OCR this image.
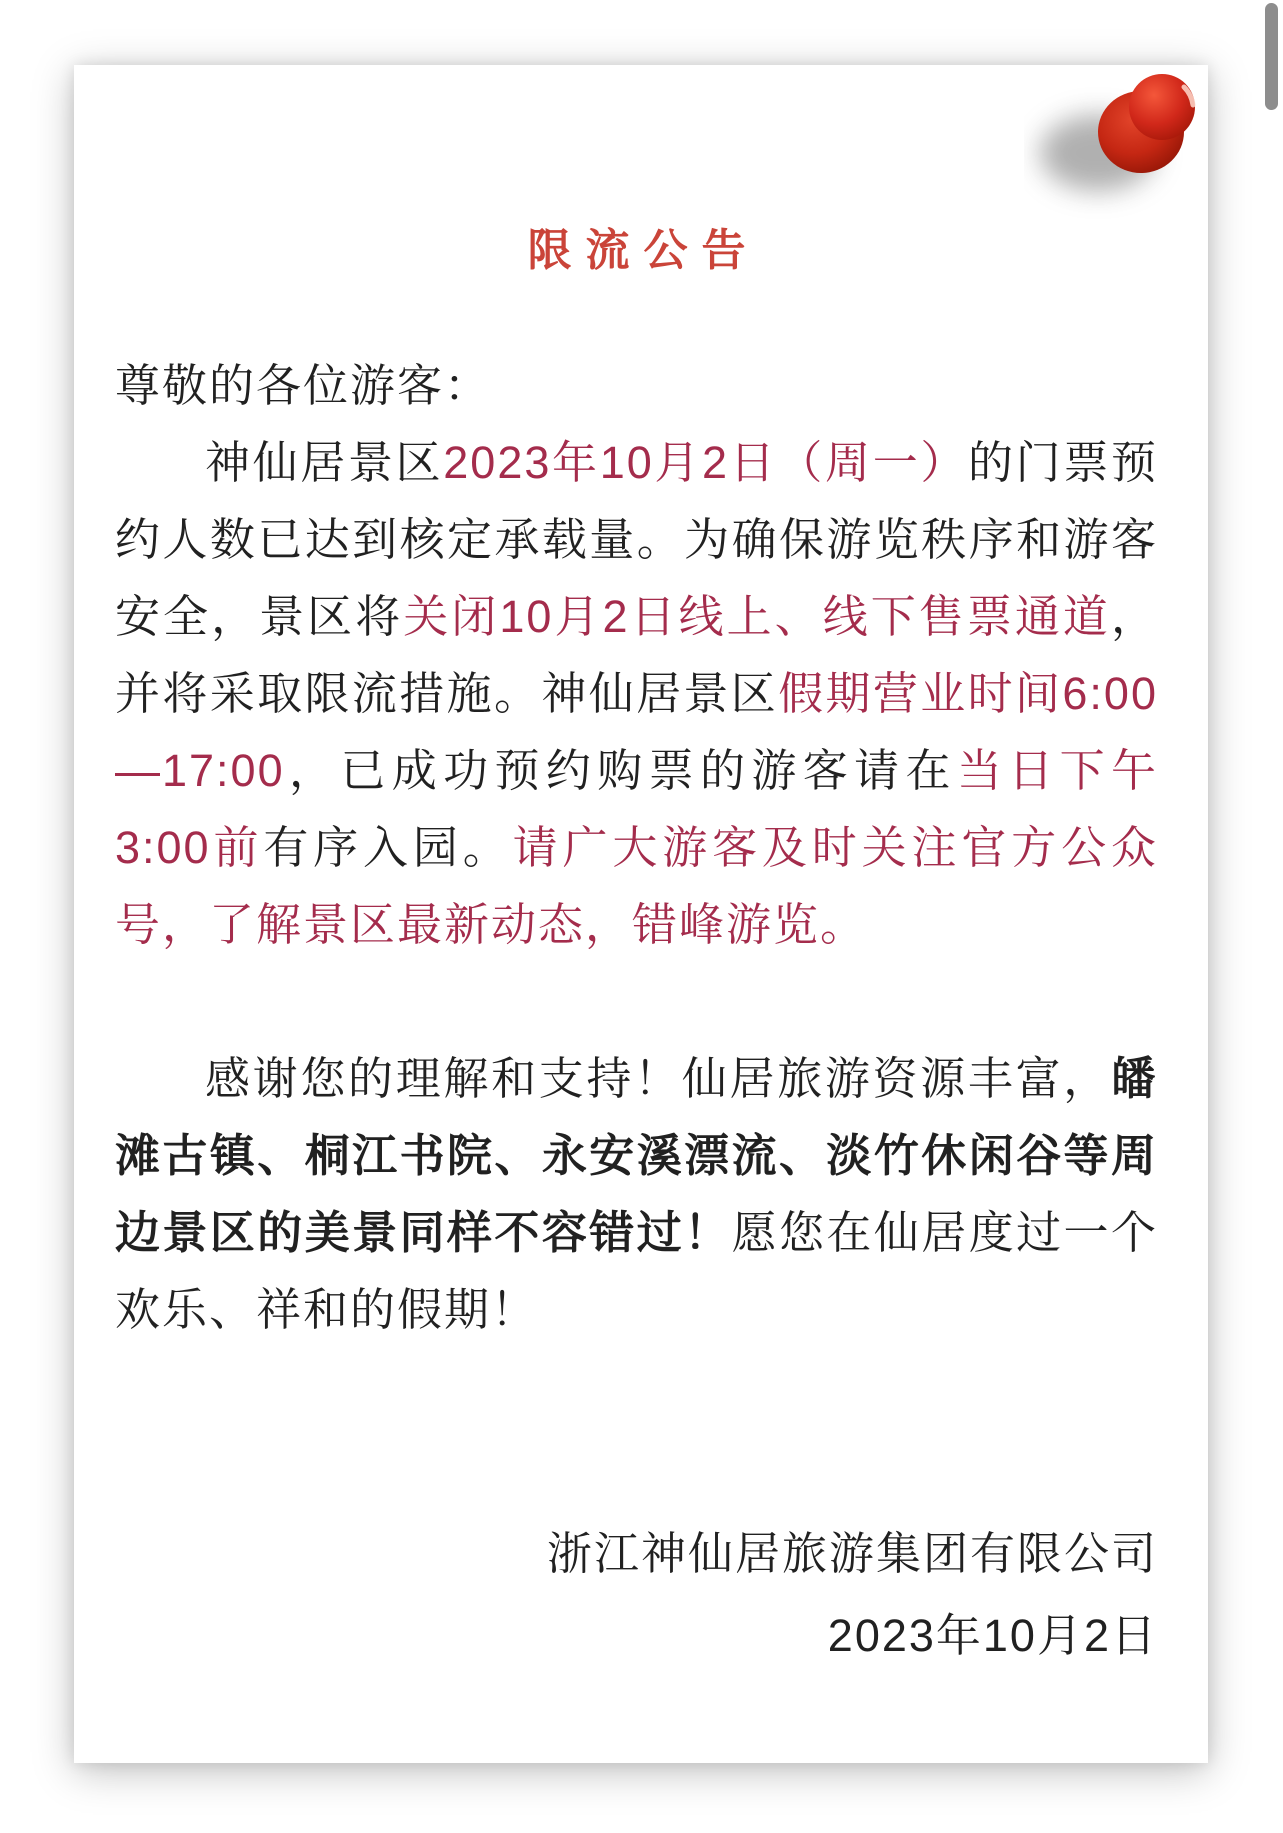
限流公告

尊敬的各位游客：

神仙居景区2023年10月2日（周一）的门票预约人数已达到核定承载量。为确保游览秩序和游客安全，景区将关闭10月2日线上、线下售票通道，并将采取限流措施。神仙居景区假期营业时间6:00—17:00，已成功预约购票的游客请在当日下午3:00前有序入园。请广大游客及时关注官方公众号，了解景区最新动态，错峰游览。

感谢您的理解和支持！仙居旅游资源丰富，皤滩古镇、桐江书院、永安溪漂流、淡竹休闲谷等周边景区的美景同样不容错过！愿您在仙居度过一个欢乐、祥和的假期！

浙江神仙居旅游集团有限公司
2023年10月2日
